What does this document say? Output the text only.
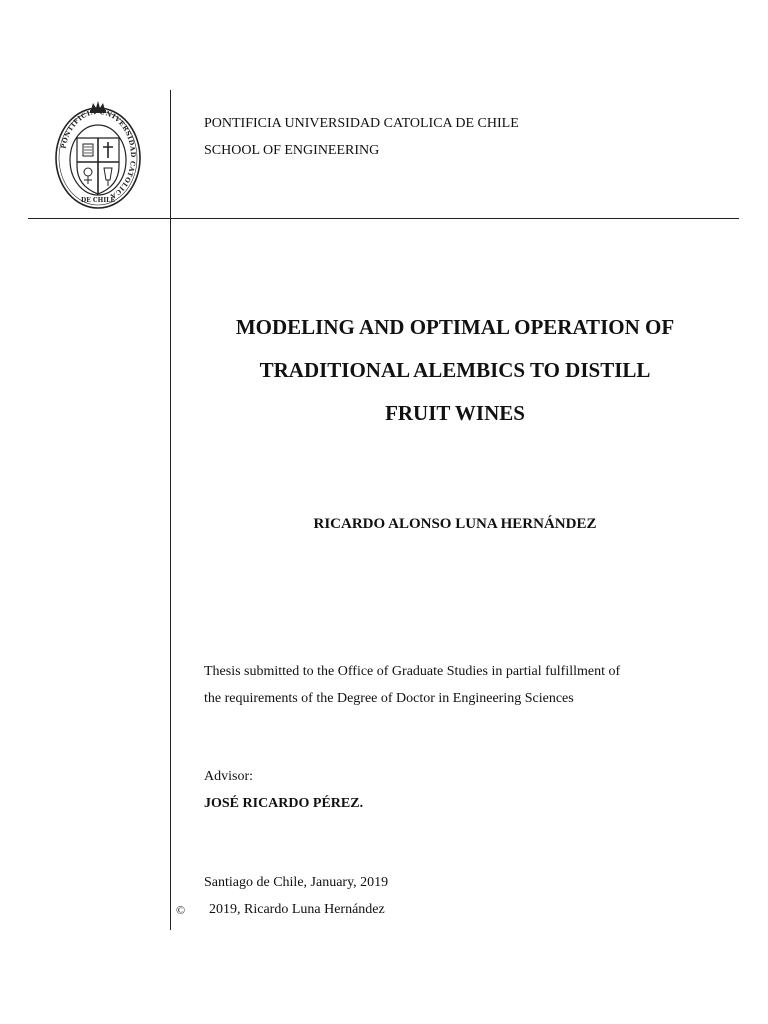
PONTIFICIA UNIVERSIDAD CATOLICA
DE CHILE
PONTIFICIA UNIVERSIDAD CATOLICA DE CHILE
SCHOOL OF ENGINEERING
MODELING AND OPTIMAL OPERATION OF
TRADITIONAL ALEMBICS TO DISTILL
FRUIT WINES
RICARDO ALONSO LUNA HERNÁNDEZ
Thesis submitted to the Office of Graduate Studies in partial fulfillment of
the requirements of the Degree of Doctor in Engineering Sciences
Advisor:
JOSÉ RICARDO PÉREZ.
Santiago de Chile, January, 2019
© 2019, Ricardo Luna Hernández
